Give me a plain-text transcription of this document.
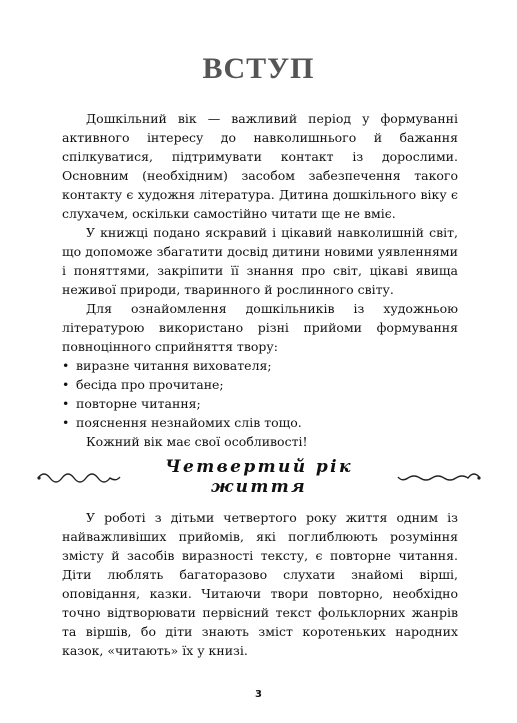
ВСТУП

Дошкільний вік — важливий період у формуванні активного інтересу до навколишнього й бажання спілкуватися, підтримувати контакт із дорослими. Основним (необхідним) засобом забезпечення такого контакту є художня література. Дитина дошкільного віку є слухачем, оскільки самостійно читати ще не вміє.

У книжці подано яскравий і цікавий навколишній світ, що допоможе збагатити досвід дитини новими уявленнями і поняттями, закріпити її знання про світ, цікаві явища неживої природи, тваринного й рослинного світу.

Для ознайомлення дошкільників із художньою літературою використано різні прийоми формування повноцінного сприйняття твору:

• виразне читання вихователя;
• бесіда про прочитане;
• повторне читання;
• пояснення незнайомих слів тощо.

Кожний вік має свої особливості!

Четвертий рік життя

У роботі з дітьми четвертого року життя одним із найважливіших прийомів, які поглиблюють розуміння змісту й засобів виразності тексту, є повторне читання. Діти люблять багаторазово слухати знайомі вірші, оповідання, казки. Читаючи твори повторно, необхідно точно відтворювати первісний текст фольклорних жанрів та віршів, бо діти знають зміст коротеньких народних казок, «читають» їх у книзі.

3
